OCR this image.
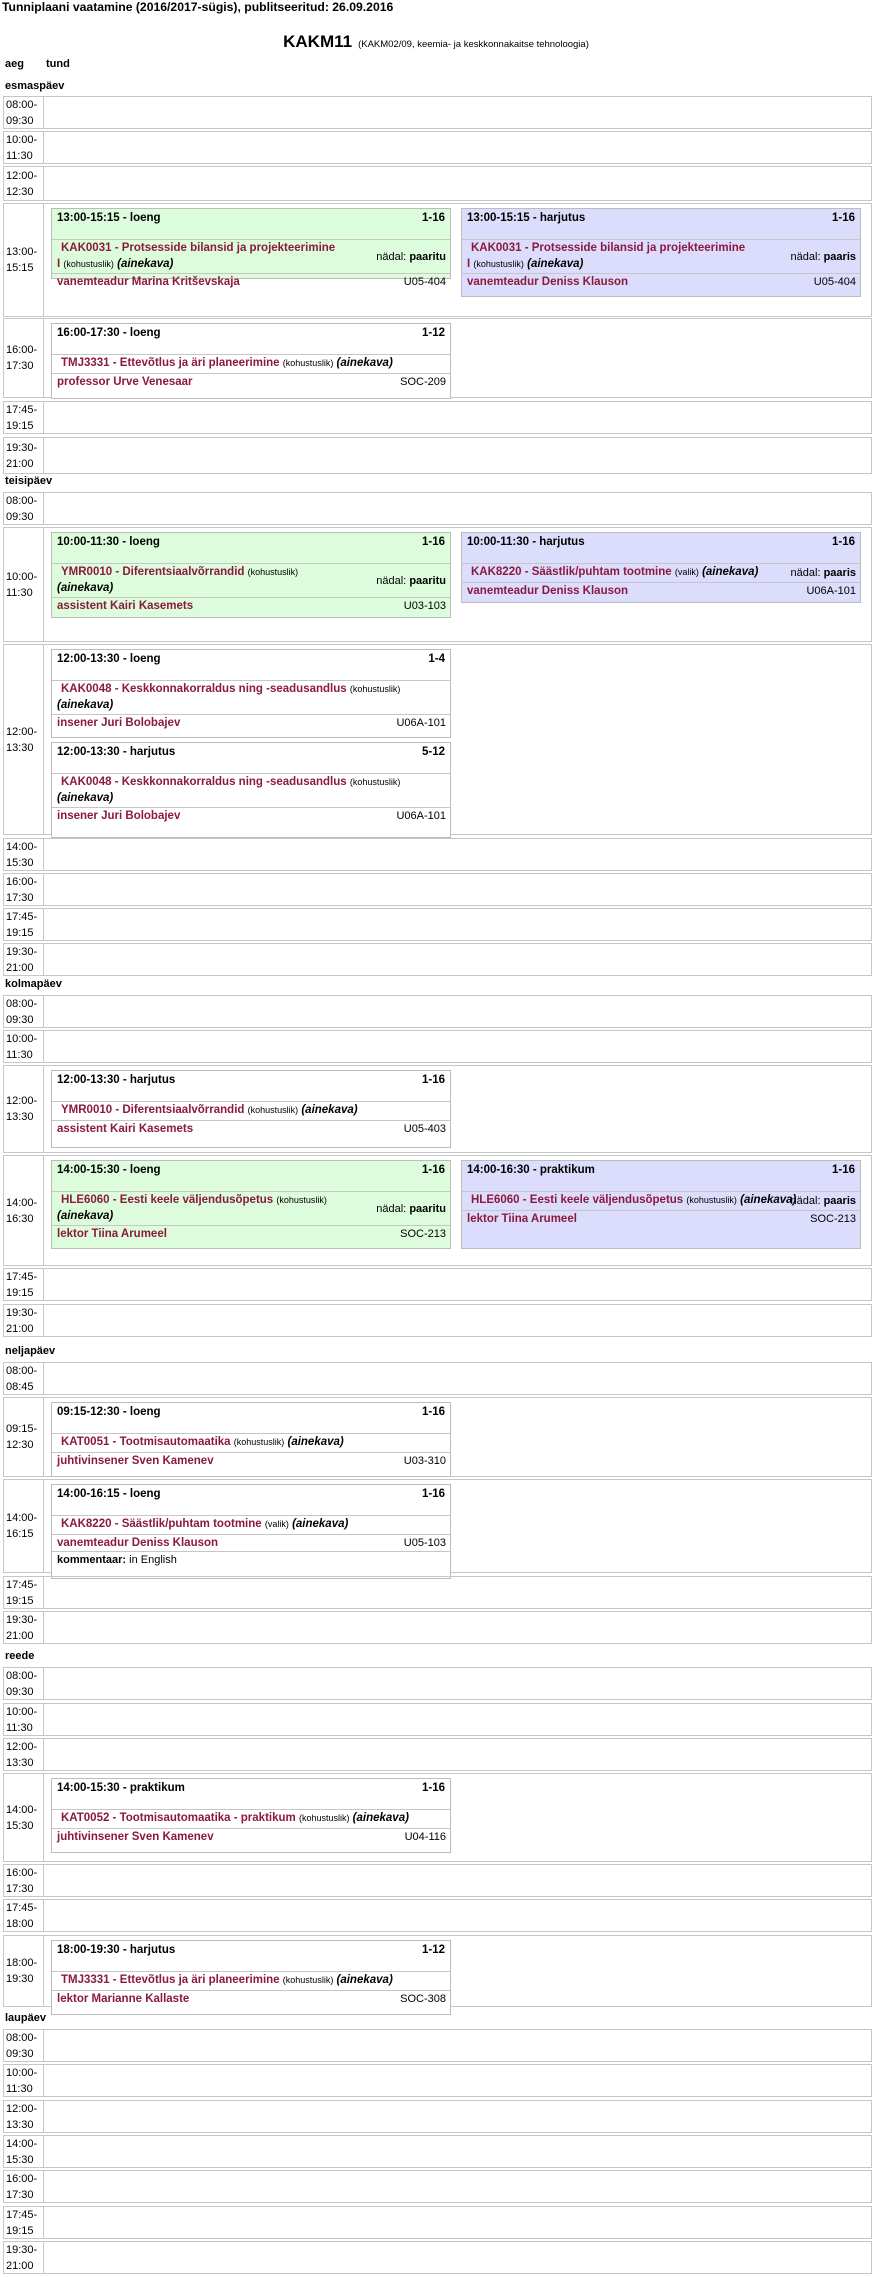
Tunniplaani vaatamine (2016/2017-sügis), publitseeritud: 26.09.2016
KAKM11 (KAKM02/09, keemia- ja keskkonnakaitse tehnoloogia)
aeg tund
esmaspäev
08:00-
09:30
10:00-
11:30
12:00-
12:30
13:00-
15:15
13:00-15:15 - loeng	1-16
KAK0031 - Protsesside bilansid ja projekteerimine
I (kohustuslik) (ainekava)
nädal: paaritu
vanemteadur Marina Kritševskaja	U05-404
13:00-15:15 - harjutus	1-16
KAK0031 - Protsesside bilansid ja projekteerimine
I (kohustuslik) (ainekava)
nädal: paaris
vanemteadur Deniss Klauson	U05-404
16:00-
17:30
16:00-17:30 - loeng	1-12
TMJ3331 - Ettevõtlus ja äri planeerimine (kohustuslik) (ainekava)
professor Urve Venesaar	SOC-209
17:45-
19:15
19:30-
21:00
teisipäev
08:00-
09:30
10:00-
11:30
10:00-11:30 - loeng	1-16
YMR0010 - Diferentsiaalvõrrandid (kohustuslik)
(ainekava)
nädal: paaritu
assistent Kairi Kasemets	U03-103
10:00-11:30 - harjutus	1-16
KAK8220 - Säästlik/puhtam tootmine (valik) (ainekava)	nädal: paaris
vanemteadur Deniss Klauson	U06A-101
12:00-
13:30
12:00-13:30 - loeng	1-4
KAK0048 - Keskkonnakorraldus ning -seadusandlus (kohustuslik)
(ainekava)
insener Juri Bolobajev	U06A-101
12:00-13:30 - harjutus	5-12
KAK0048 - Keskkonnakorraldus ning -seadusandlus (kohustuslik)
(ainekava)
insener Juri Bolobajev	U06A-101
14:00-
15:30
16:00-
17:30
17:45-
19:15
19:30-
21:00
kolmapäev
08:00-
09:30
10:00-
11:30
12:00-
13:30
12:00-13:30 - harjutus	1-16
YMR0010 - Diferentsiaalvõrrandid (kohustuslik) (ainekava)
assistent Kairi Kasemets	U05-403
14:00-
16:30
14:00-15:30 - loeng	1-16
HLE6060 - Eesti keele väljendusõpetus (kohustuslik)
(ainekava)
nädal: paaritu
lektor Tiina Arumeel	SOC-213
14:00-16:30 - praktikum	1-16
HLE6060 - Eesti keele väljendusõpetus (kohustuslik) (ainekava)
nädal: paaris
lektor Tiina Arumeel	SOC-213
17:45-
19:15
19:30-
21:00
neljapäev
08:00-
08:45
09:15-
12:30
09:15-12:30 - loeng	1-16
KAT0051 - Tootmisautomaatika (kohustuslik) (ainekava)
juhtivinsener Sven Kamenev	U03-310
14:00-
16:15
14:00-16:15 - loeng	1-16
KAK8220 - Säästlik/puhtam tootmine (valik) (ainekava)
vanemteadur Deniss Klauson	U05-103
kommentaar: in English
17:45-
19:15
19:30-
21:00
reede
08:00-
09:30
10:00-
11:30
12:00-
13:30
14:00-
15:30
14:00-15:30 - praktikum	1-16
KAT0052 - Tootmisautomaatika - praktikum (kohustuslik) (ainekava)
juhtivinsener Sven Kamenev	U04-116
16:00-
17:30
17:45-
18:00
18:00-
19:30
18:00-19:30 - harjutus	1-12
TMJ3331 - Ettevõtlus ja äri planeerimine (kohustuslik) (ainekava)
lektor Marianne Kallaste	SOC-308
laupäev
08:00-
09:30
10:00-
11:30
12:00-
13:30
14:00-
15:30
16:00-
17:30
17:45-
19:15
19:30-
21:00
